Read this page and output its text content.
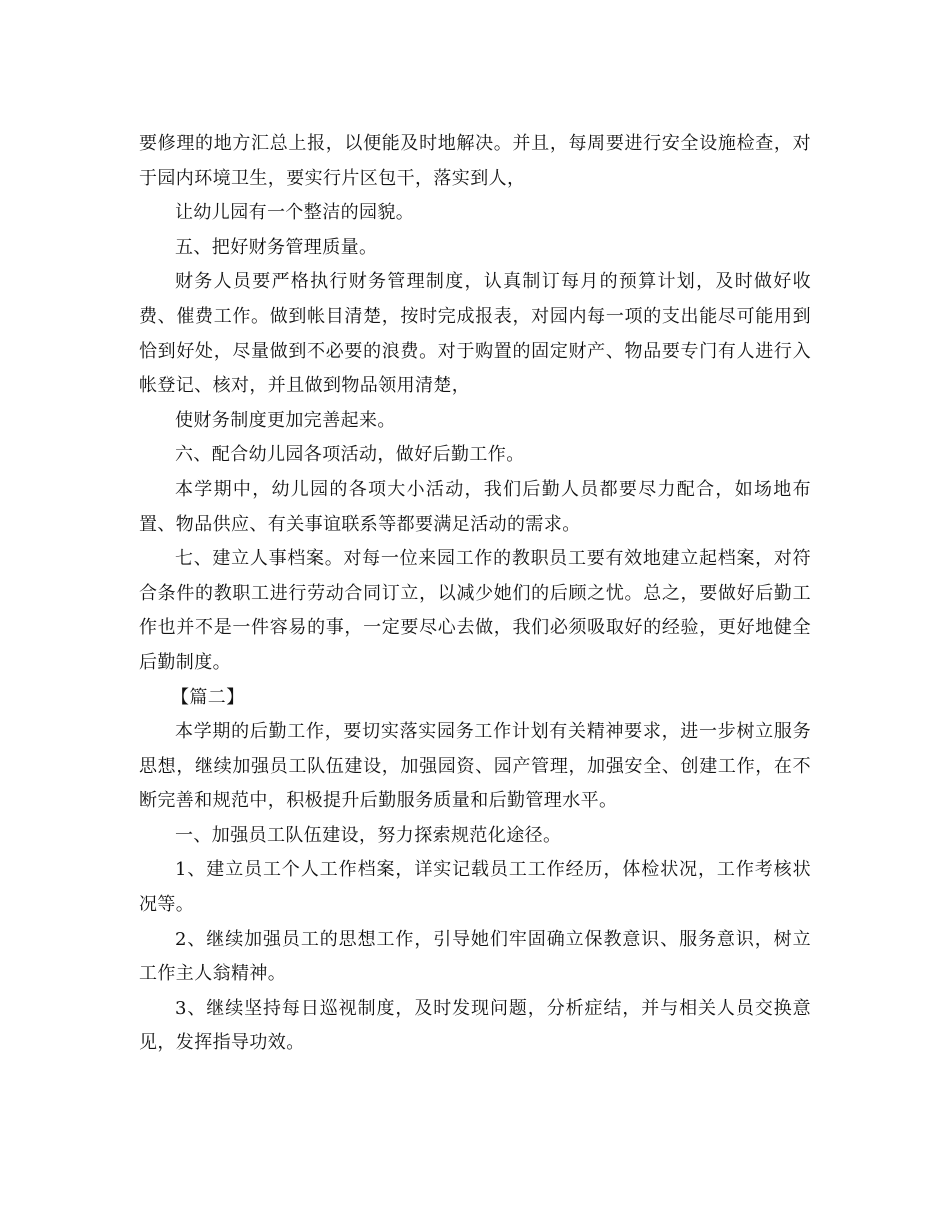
要修理的地方汇总上报，以便能及时地解决。并且，每周要进行安全设施检查，对于园内环境卫生，要实行片区包干，落实到人，

让幼儿园有一个整洁的园貌。

五、把好财务管理质量。

财务人员要严格执行财务管理制度，认真制订每月的预算计划，及时做好收费、催费工作。做到帐目清楚，按时完成报表，对园内每一项的支出能尽可能用到恰到好处，尽量做到不必要的浪费。对于购置的固定财产、物品要专门有人进行入帐登记、核对，并且做到物品领用清楚，

使财务制度更加完善起来。

六、配合幼儿园各项活动，做好后勤工作。

本学期中，幼儿园的各项大小活动，我们后勤人员都要尽力配合，如场地布置、物品供应、有关事谊联系等都要满足活动的需求。

七、建立人事档案。对每一位来园工作的教职员工要有效地建立起档案，对符合条件的教职工进行劳动合同订立，以减少她们的后顾之忧。总之，要做好后勤工作也并不是一件容易的事，一定要尽心去做，我们必须吸取好的经验，更好地健全后勤制度。

【篇二】

本学期的后勤工作，要切实落实园务工作计划有关精神要求，进一步树立服务思想，继续加强员工队伍建设，加强园资、园产管理，加强安全、创建工作，在不断完善和规范中，积极提升后勤服务质量和后勤管理水平。

一、加强员工队伍建设，努力探索规范化途径。

1、建立员工个人工作档案，详实记载员工工作经历，体检状况，工作考核状况等。

2、继续加强员工的思想工作，引导她们牢固确立保教意识、服务意识，树立工作主人翁精神。

3、继续坚持每日巡视制度，及时发现问题，分析症结，并与相关人员交换意见，发挥指导功效。
